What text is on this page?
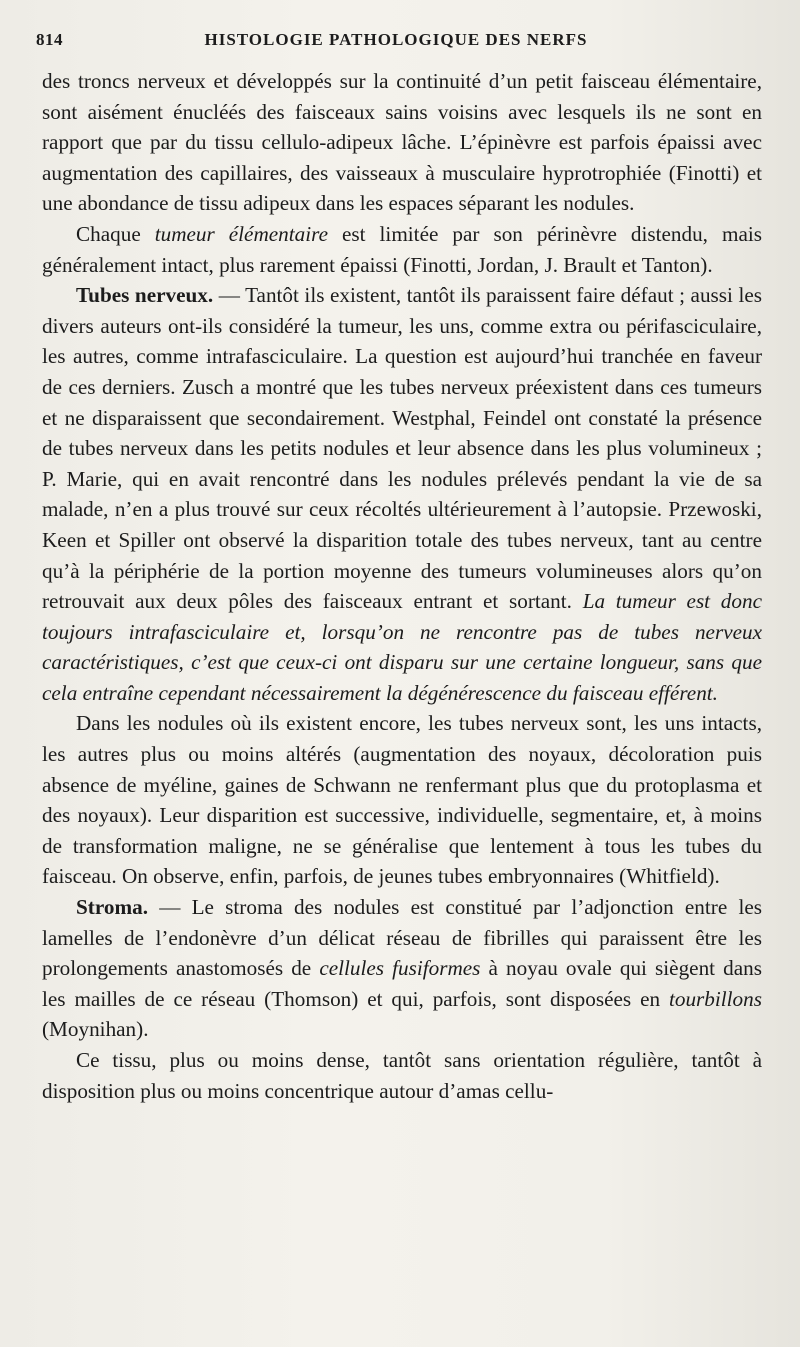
814	HISTOLOGIE PATHOLOGIQUE DES NERFS

des troncs nerveux et développés sur la continuité d’un petit faisceau élémentaire, sont aisément énucléés des faisceaux sains voisins avec lesquels ils ne sont en rapport que par du tissu cellulo-adipeux lâche. L’épinèvre est parfois épaissi avec augmentation des capillaires, des vaisseaux à musculaire hyprotrophiée (Finotti) et une abondance de tissu adipeux dans les espaces séparant les nodules.

Chaque tumeur élémentaire est limitée par son périnèvre distendu, mais généralement intact, plus rarement épaissi (Finotti, Jordan, J. Brault et Tanton).

Tubes nerveux. — Tantôt ils existent, tantôt ils paraissent faire défaut ; aussi les divers auteurs ont-ils considéré la tumeur, les uns, comme extra ou périfasciculaire, les autres, comme intrafasciculaire. La question est aujourd’hui tranchée en faveur de ces derniers. Zusch a montré que les tubes nerveux préexistent dans ces tumeurs et ne disparaissent que secondairement. Westphal, Feindel ont constaté la présence de tubes nerveux dans les petits nodules et leur absence dans les plus volumineux ; P. Marie, qui en avait rencontré dans les nodules prélevés pendant la vie de sa malade, n’en a plus trouvé sur ceux récoltés ultérieurement à l’autopsie. Przewoski, Keen et Spiller ont observé la disparition totale des tubes nerveux, tant au centre qu’à la périphérie de la portion moyenne des tumeurs volumineuses alors qu’on retrouvait aux deux pôles des faisceaux entrant et sortant. La tumeur est donc toujours intrafasciculaire et, lorsqu’on ne rencontre pas de tubes nerveux caractéristiques, c’est que ceux-ci ont disparu sur une certaine longueur, sans que cela entraîne cependant nécessairement la dégénérescence du faisceau efférent.

Dans les nodules où ils existent encore, les tubes nerveux sont, les uns intacts, les autres plus ou moins altérés (augmentation des noyaux, décoloration puis absence de myéline, gaines de Schwann ne renfermant plus que du protoplasma et des noyaux). Leur disparition est successive, individuelle, segmentaire, et, à moins de transformation maligne, ne se généralise que lentement à tous les tubes du faisceau. On observe, enfin, parfois, de jeunes tubes embryonnaires (Whitfield).

Stroma. — Le stroma des nodules est constitué par l’adjonction entre les lamelles de l’endonèvre d’un délicat réseau de fibrilles qui paraissent être les prolongements anastomosés de cellules fusiformes à noyau ovale qui siègent dans les mailles de ce réseau (Thomson) et qui, parfois, sont disposées en tourbillons (Moynihan).

Ce tissu, plus ou moins dense, tantôt sans orientation régulière, tantôt à disposition plus ou moins concentrique autour d’amas cellu-
